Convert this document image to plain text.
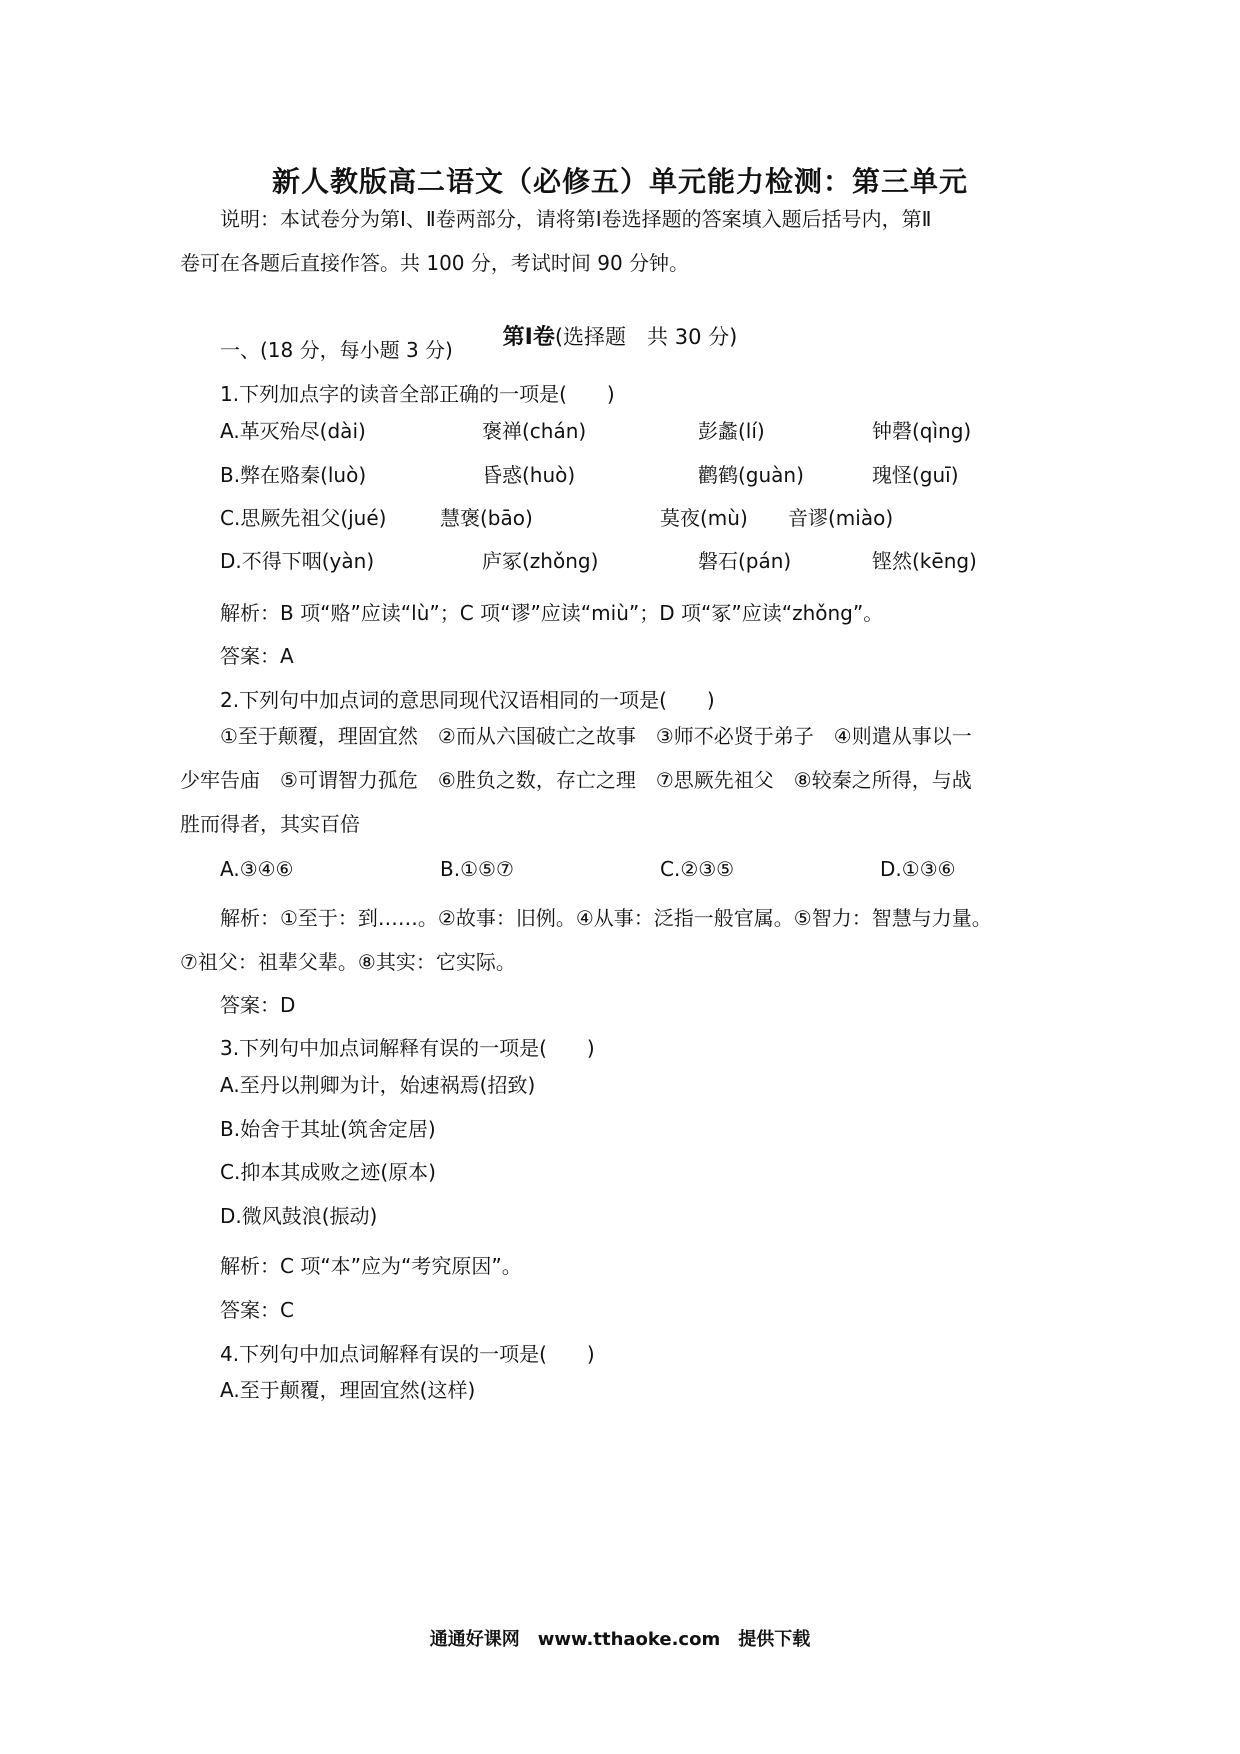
新人教版高二语文（必修五）单元能力检测：第三单元
说明：本试卷分为第Ⅰ、Ⅱ卷两部分，请将第Ⅰ卷选择题的答案填入题后括号内，第Ⅱ
卷可在各题后直接作答。共 100 分，考试时间 90 分钟。
第Ⅰ卷(选择题　共 30 分)
一、(18 分，每小题 3 分)
1.下列加点字的读音全部正确的一项是(　　)
A.革灭殆尽(dài)	褒禅(chán)	彭蠡(lí)	钟磬(qìng)
B.弊在赂秦(luò)	昏惑(huò)	鹳鹤(guàn)	瑰怪(guī)
C.思厥先祖父(jué)	慧褒(bāo)	莫夜(mù) 音谬(miào)
D.不得下咽(yàn)	庐冢(zhǒng)	磐石(pán)	铿然(kēng)
解析：B 项“赂”应读“lù”；C 项“谬”应读“miù”；D 项“冢”应读“zhǒng”。
答案：A
2.下列句中加点词的意思同现代汉语相同的一项是(　　)
①至于颠覆，理固宜然　②而从六国破亡之故事　③师不必贤于弟子　④则遣从事以一
少牢告庙　⑤可谓智力孤危　⑥胜负之数，存亡之理　⑦思厥先祖父　⑧较秦之所得，与战
胜而得者，其实百倍
A.③④⑥	B.①⑤⑦	C.②③⑤	D.①③⑥
解析：①至于：到……。②故事：旧例。④从事：泛指一般官属。⑤智力：智慧与力量。
⑦祖父：祖辈父辈。⑧其实：它实际。
答案：D
3.下列句中加点词解释有误的一项是(　　)
A.至丹以荆卿为计，始速祸焉(招致)
B.始舍于其址(筑舍定居)
C.抑本其成败之迹(原本)
D.微风鼓浪(振动)
解析：C 项“本”应为“考究原因”。
答案：C
4.下列句中加点词解释有误的一项是(　　)
A.至于颠覆，理固宜然(这样)
通通好课网　www.tthaoke.com　提供下载
